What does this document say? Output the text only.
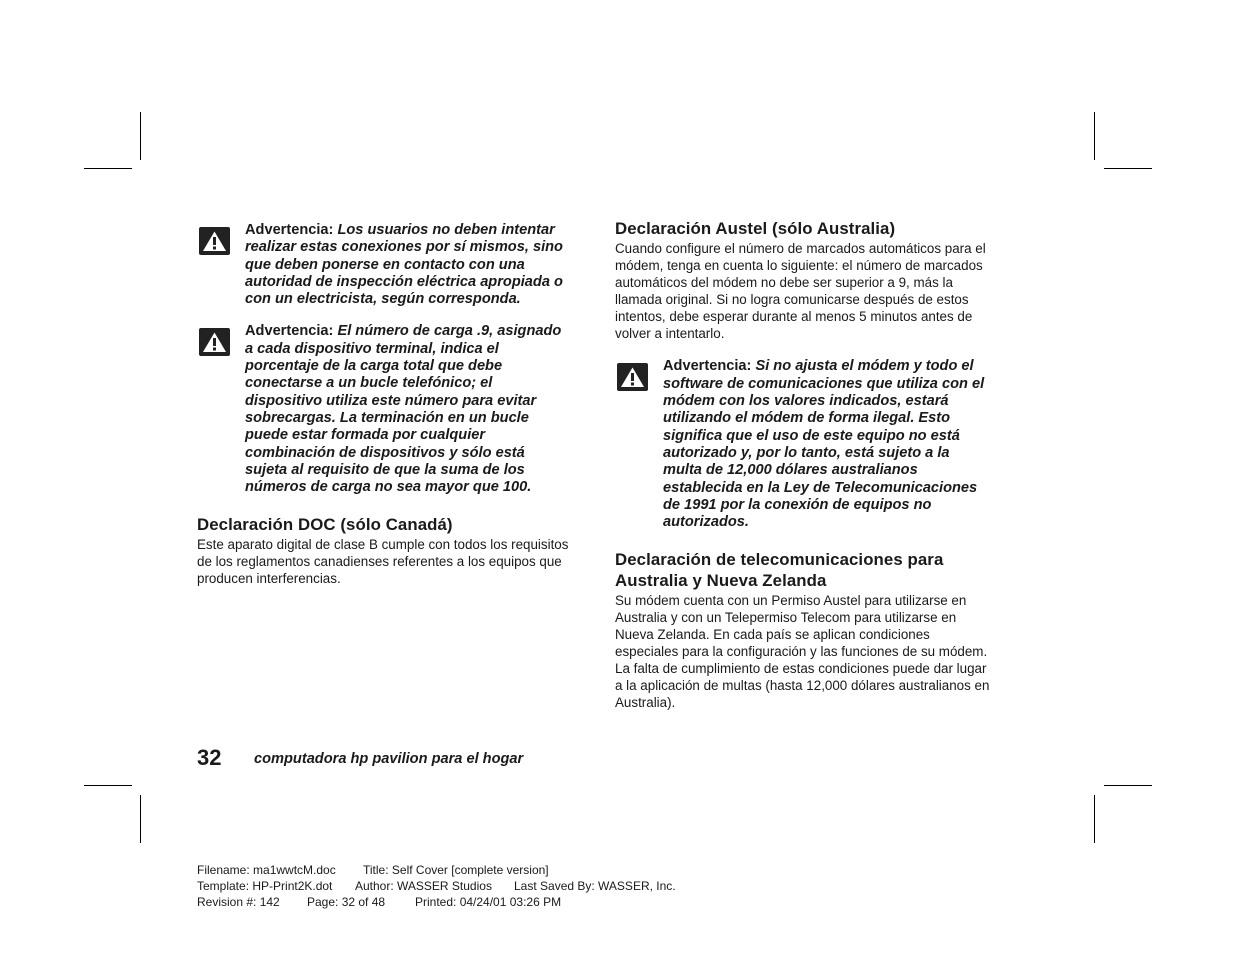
Advertencia: Los usuarios no deben intentar realizar estas conexiones por sí mismos, sino que deben ponerse en contacto con una autoridad de inspección eléctrica apropiada o con un electricista, según corresponda.

Advertencia: El número de carga .9, asignado a cada dispositivo terminal, indica el porcentaje de la carga total que debe conectarse a un bucle telefónico; el dispositivo utiliza este número para evitar sobrecargas. La terminación en un bucle puede estar formada por cualquier combinación de dispositivos y sólo está sujeta al requisito de que la suma de los números de carga no sea mayor que 100.

Declaración DOC (sólo Canadá)

Este aparato digital de clase B cumple con todos los requisitos de los reglamentos canadienses referentes a los equipos que producen interferencias.

Declaración Austel (sólo Australia)

Cuando configure el número de marcados automáticos para el módem, tenga en cuenta lo siguiente: el número de marcados automáticos del módem no debe ser superior a 9, más la llamada original. Si no logra comunicarse después de estos intentos, debe esperar durante al menos 5 minutos antes de volver a intentarlo.

Advertencia: Si no ajusta el módem y todo el software de comunicaciones que utiliza con el módem con los valores indicados, estará utilizando el módem de forma ilegal. Esto significa que el uso de este equipo no está autorizado y, por lo tanto, está sujeto a la multa de 12,000 dólares australianos establecida en la Ley de Telecomunicaciones de 1991 por la conexión de equipos no autorizados.

Declaración de telecomunicaciones para Australia y Nueva Zelanda

Su módem cuenta con un Permiso Austel para utilizarse en Australia y con un Telepermiso Telecom para utilizarse en Nueva Zelanda. En cada país se aplican condiciones especiales para la configuración y las funciones de su módem. La falta de cumplimiento de estas condiciones puede dar lugar a la aplicación de multas (hasta 12,000 dólares australianos en Australia).

32 computadora hp pavilion para el hogar
Filename: ma1wwtcM.doc Title: Self Cover [complete version]
Template: HP-Print2K.dot Author: WASSER Studios Last Saved By: WASSER, Inc.
Revision #: 142 Page: 32 of 48 Printed: 04/24/01 03:26 PM
